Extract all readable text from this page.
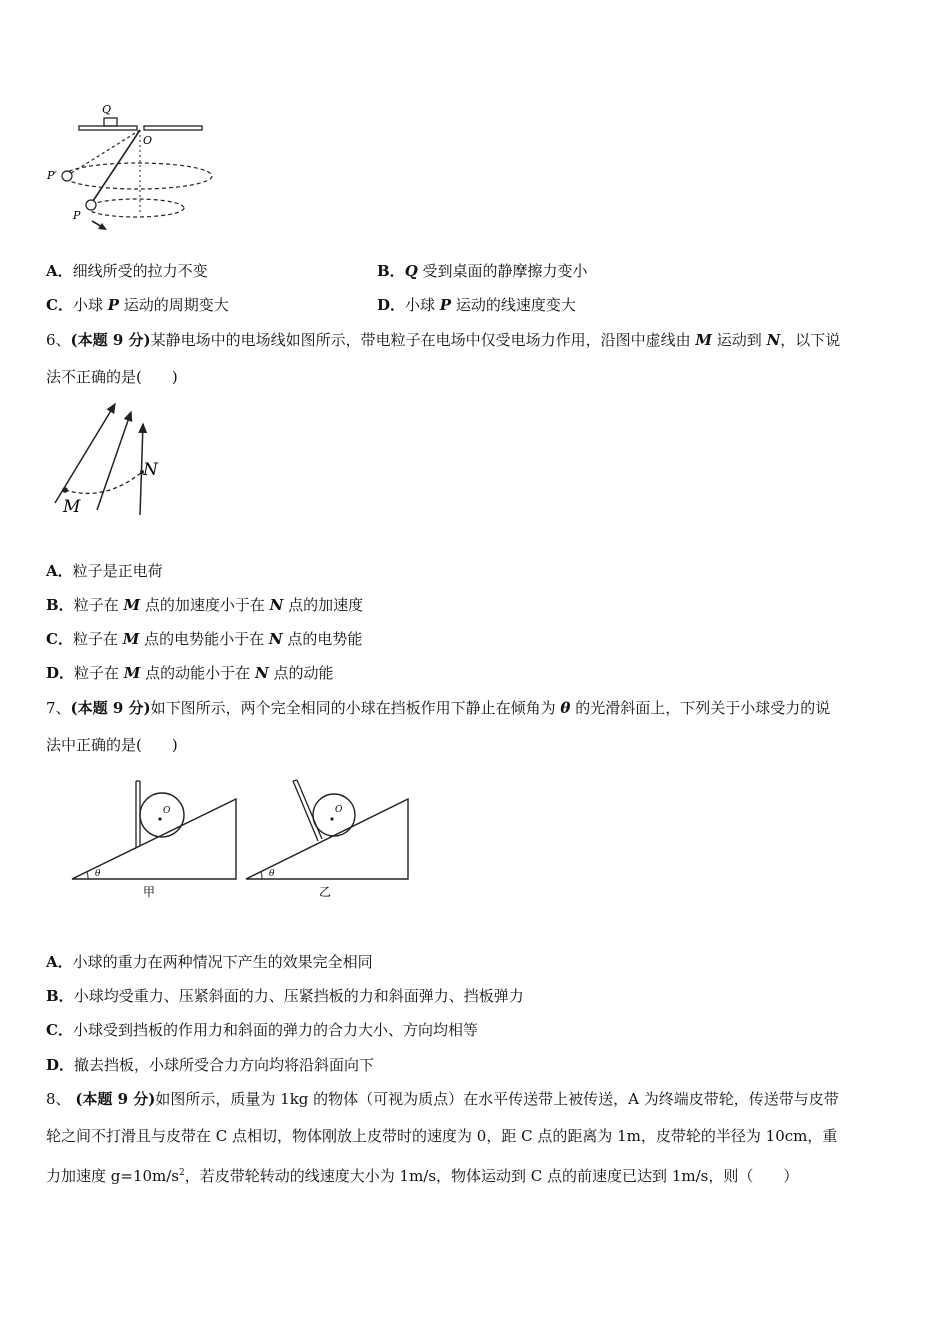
Q
O
P′
P
A．细线所受的拉力不变	B．Q 受到桌面的静摩擦力变小
C．小球 P 运动的周期变大	D．小球 P 运动的线速度变大
6、(本题 9 分)某静电场中的电场线如图所示，带电粒子在电场中仅受电场力作用，沿图中虚线由 M 运动到 N，以下说
法不正确的是(　　)
M
N
A．粒子是正电荷
B．粒子在 M 点的加速度小于在 N 点的加速度
C．粒子在 M 点的电势能小于在 N 点的电势能
D．粒子在 M 点的动能小于在 N 点的动能
7、(本题 9 分)如下图所示，两个完全相同的小球在挡板作用下静止在倾角为 θ 的光滑斜面上，下列关于小球受力的说
法中正确的是(　　)
O
θ
甲
O
θ
乙
A．小球的重力在两种情况下产生的效果完全相同
B．小球均受重力、压紧斜面的力、压紧挡板的力和斜面弹力、挡板弹力
C．小球受到挡板的作用力和斜面的弹力的合力大小、方向均相等
D．撤去挡板，小球所受合力方向均将沿斜面向下
8、 (本题 9 分)如图所示，质量为 1kg 的物体（可视为质点）在水平传送带上被传送，A 为终端皮带轮，传送带与皮带
轮之间不打滑且与皮带在 C 点相切，物体刚放上皮带时的速度为 0，距 C 点的距离为 1m，皮带轮的半径为 10cm，重
力加速度 $g=10m/s^2$，若皮带轮转动的线速度大小为 1m/s，物体运动到 C 点的前速度已达到 1m/s，则（　　）
